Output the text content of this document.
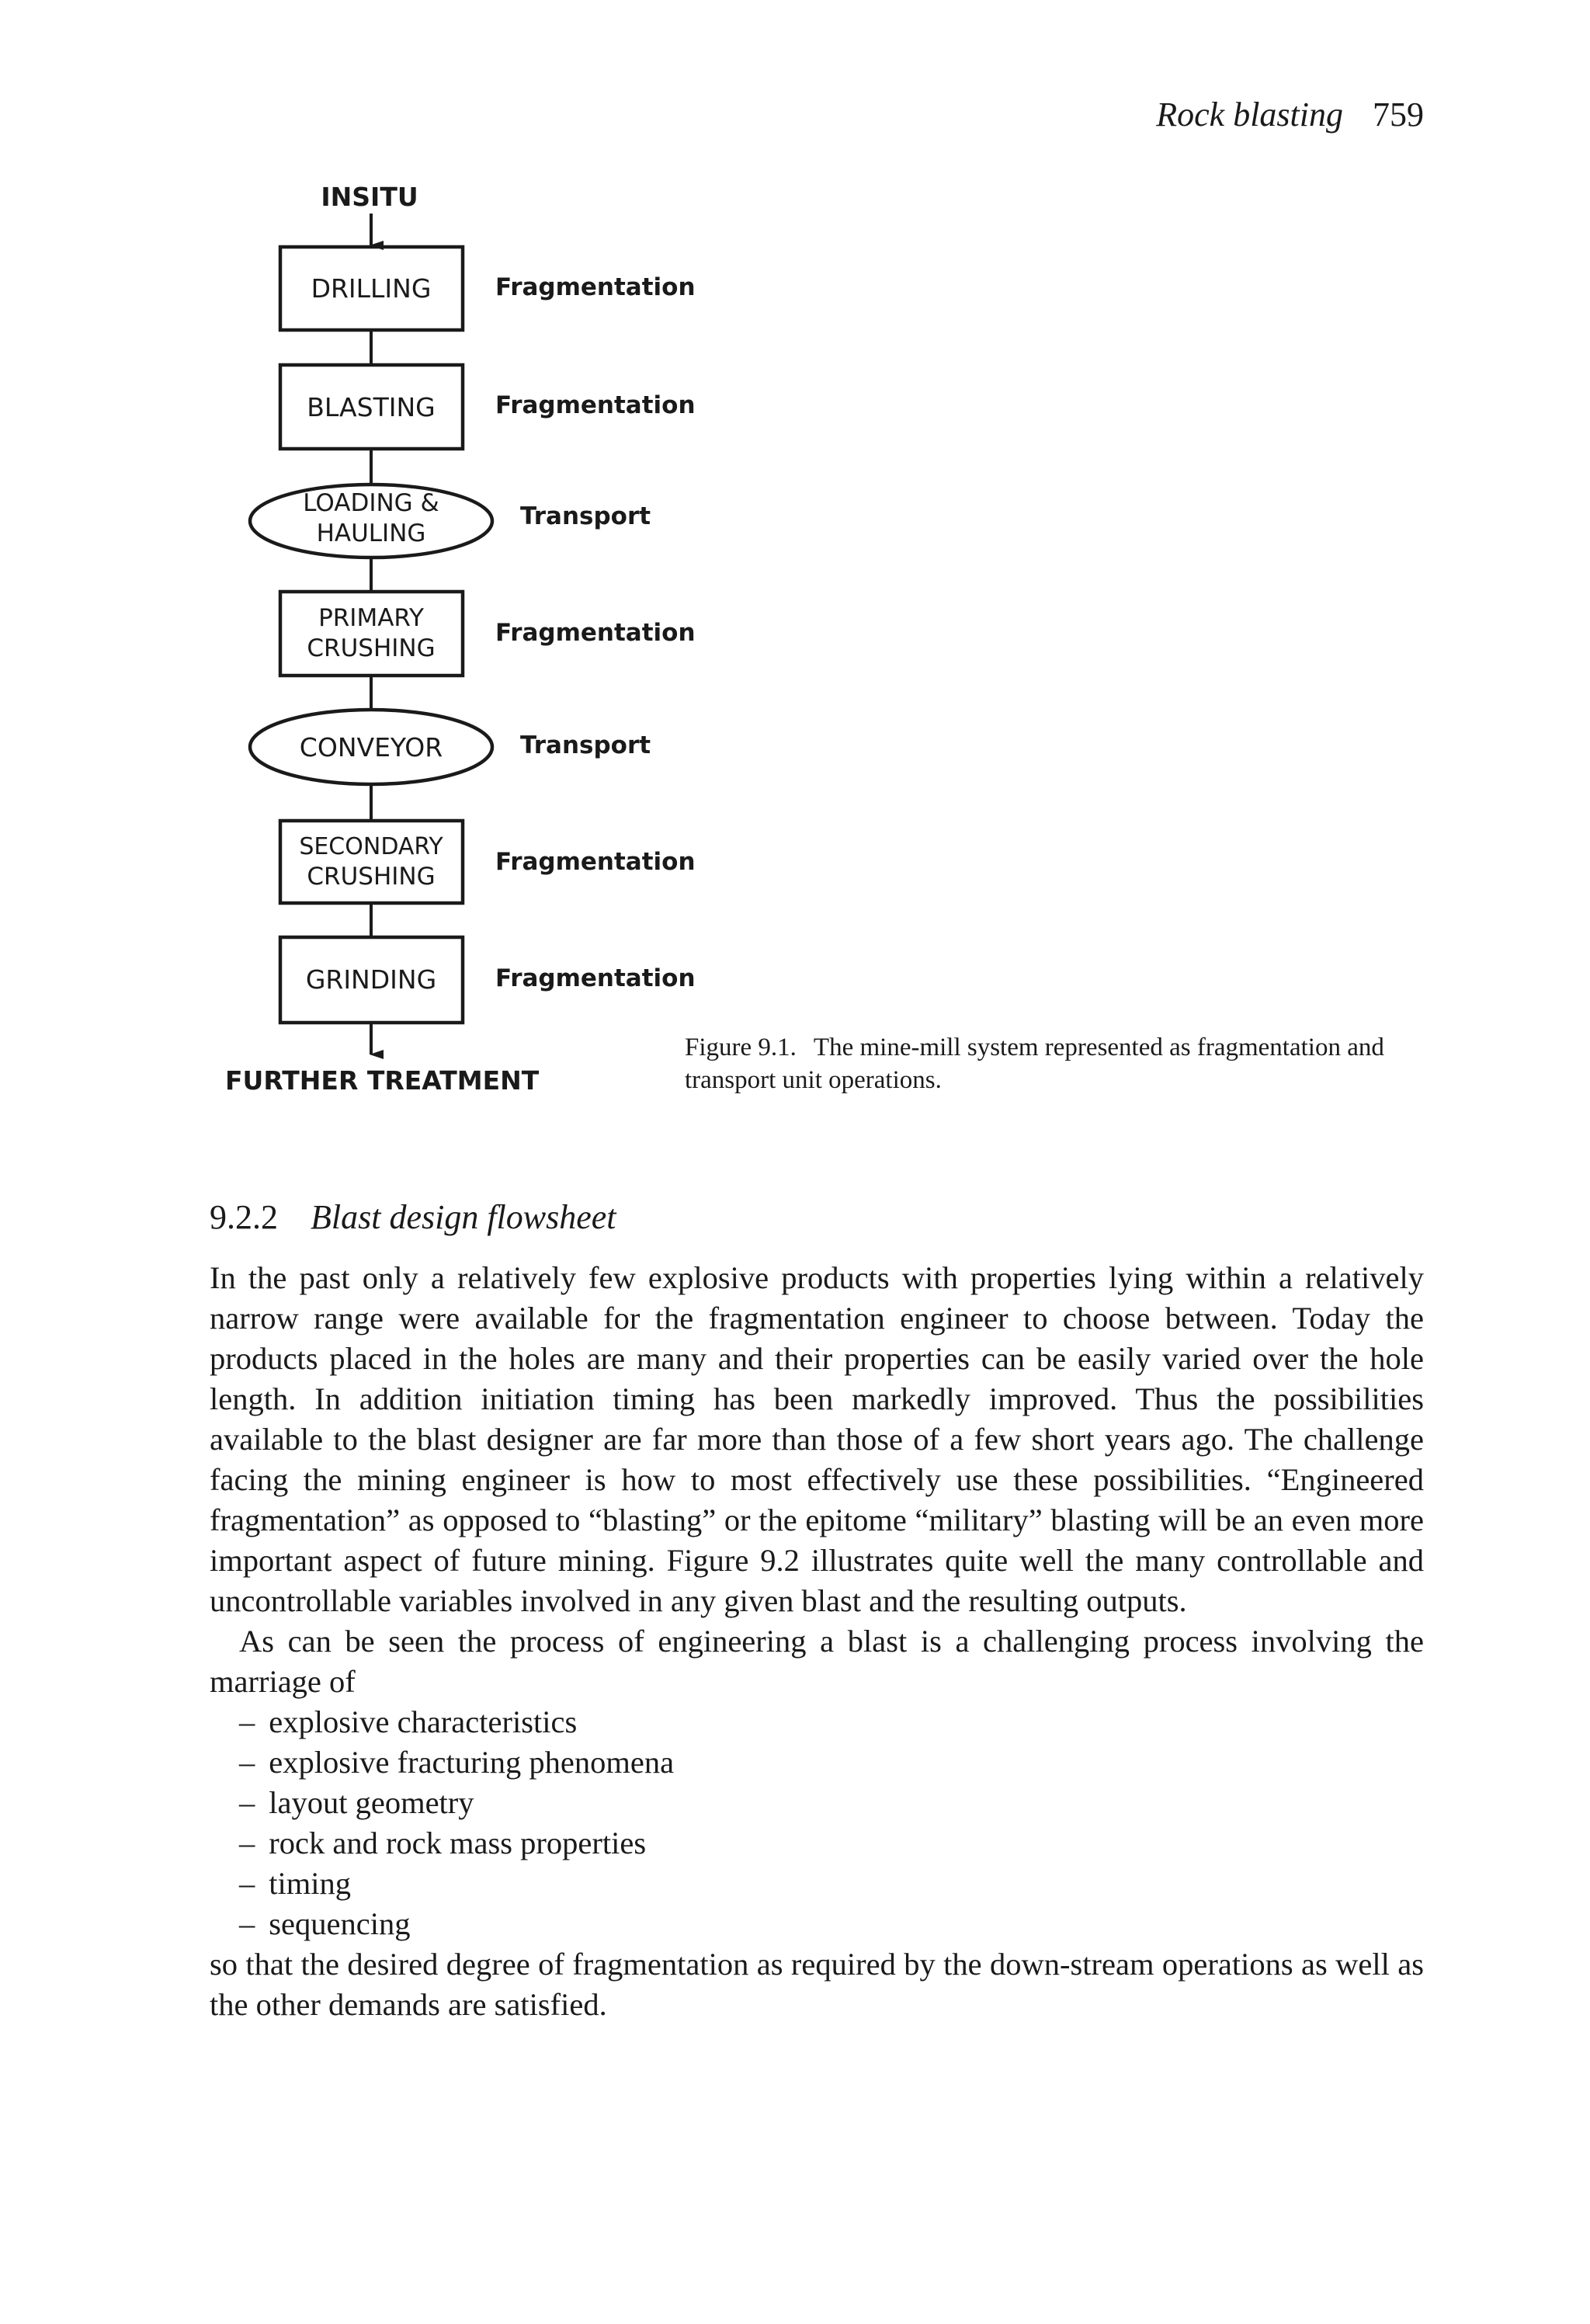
Rock blasting 759
INSITU
DRILLING	Fragmentation
BLASTING Fragmentation
LOADING &
HAULING
Transport
PRIMARY
CRUSHING
Fragmentation
CONVEYOR	Transport
SECONDARY
CRUSHING
Fragmentation
GRINDING Fragmentation
FURTHER TREATMENT
Figure 9.1. The mine-mill system represented as fragmentation and transport unit operations.
9.2.2 Blast design flowsheet

In the past only a relatively few explosive products with properties lying within a relatively narrow range were available for the fragmentation engineer to choose between. Today the products placed in the holes are many and their properties can be easily varied over the hole length. In addition initiation timing has been markedly improved. Thus the possibilities available to the blast designer are far more than those of a few short years ago. The challenge facing the mining engineer is how to most effectively use these possibilities. “Engineered fragmentation” as opposed to “blasting” or the epitome “military” blasting will be an even more important aspect of future mining. Figure 9.2 illustrates quite well the many controllable and uncontrollable variables involved in any given blast and the resulting outputs.

As can be seen the process of engineering a blast is a challenging process involving the marriage of

– explosive characteristics
– explosive fracturing phenomena
– layout geometry
– rock and rock mass properties
– timing
– sequencing

so that the desired degree of fragmentation as required by the down-stream operations as well as the other demands are satisfied.
